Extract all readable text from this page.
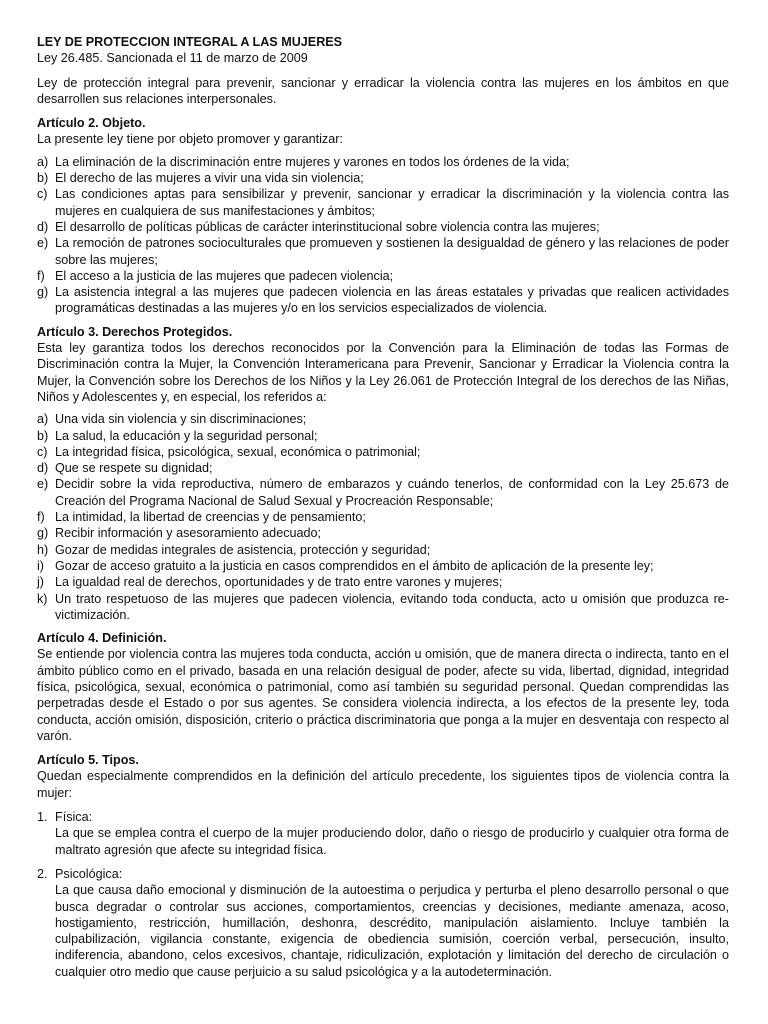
LEY DE PROTECCION INTEGRAL A LAS MUJERES
Ley 26.485. Sancionada el 11 de marzo de 2009

Ley de protección integral para prevenir, sancionar y erradicar la violencia contra las mujeres en los ámbitos en que desarrollen sus relaciones interpersonales.

Artículo 2. Objeto.
La presente ley tiene por objeto promover y garantizar:
a) La eliminación de la discriminación entre mujeres y varones en todos los órdenes de la vida;
b) El derecho de las mujeres a vivir una vida sin violencia;
c) Las condiciones aptas para sensibilizar y prevenir, sancionar y erradicar la discriminación y la violencia contra las mujeres en cualquiera de sus manifestaciones y ámbitos;
d) El desarrollo de políticas públicas de carácter interinstitucional sobre violencia contra las mujeres;
e) La remoción de patrones socioculturales que promueven y sostienen la desigualdad de género y las relaciones de poder sobre las mujeres;
f) El acceso a la justicia de las mujeres que padecen violencia;
g) La asistencia integral a las mujeres que padecen violencia en las áreas estatales y privadas que realicen actividades programáticas destinadas a las mujeres y/o en los servicios especializados de violencia.
Artículo 3. Derechos Protegidos.
Esta ley garantiza todos los derechos reconocidos por la Convención para la Eliminación de todas las Formas de Discriminación contra la Mujer, la Convención Interamericana para Prevenir, Sancionar y Erradicar la Violencia contra la Mujer, la Convención sobre los Derechos de los Niños y la Ley 26.061 de Protección Integral de los derechos de las Niñas, Niños y Adolescentes y, en especial, los referidos a:
a) Una vida sin violencia y sin discriminaciones;
b) La salud, la educación y la seguridad personal;
c) La integridad física, psicológica, sexual, económica o patrimonial;
d) Que se respete su dignidad;
e) Decidir sobre la vida reproductiva, número de embarazos y cuándo tenerlos, de conformidad con la Ley 25.673 de Creación del Programa Nacional de Salud Sexual y Procreación Responsable;
f) La intimidad, la libertad de creencias y de pensamiento;
g) Recibir información y asesoramiento adecuado;
h) Gozar de medidas integrales de asistencia, protección y seguridad;
i) Gozar de acceso gratuito a la justicia en casos comprendidos en el ámbito de aplicación de la presente ley;
j) La igualdad real de derechos, oportunidades y de trato entre varones y mujeres;
k) Un trato respetuoso de las mujeres que padecen violencia, evitando toda conducta, acto u omisión que produzca re-victimización.
Artículo 4. Definición.

Se entiende por violencia contra las mujeres toda conducta, acción u omisión, que de manera directa o indirecta, tanto en el ámbito público como en el privado, basada en una relación desigual de poder, afecte su vida, libertad, dignidad, integridad física, psicológica, sexual, económica o patrimonial, como así también su seguridad personal. Quedan comprendidas las perpetradas desde el Estado o por sus agentes. Se considera violencia indirecta, a los efectos de la presente ley, toda conducta, acción omisión, disposición, criterio o práctica discriminatoria que ponga a la mujer en desventaja con respecto al varón.

Artículo 5. Tipos.

Quedan especialmente comprendidos en la definición del artículo precedente, los siguientes tipos de violencia contra la mujer:

1. Física:
La que se emplea contra el cuerpo de la mujer produciendo dolor, daño o riesgo de producirlo y cualquier otra forma de maltrato agresión que afecte su integridad física.
2. Psicológica:
La que causa daño emocional y disminución de la autoestima o perjudica y perturba el pleno desarrollo personal o que busca degradar o controlar sus acciones, comportamientos, creencias y decisiones, mediante amenaza, acoso, hostigamiento, restricción, humillación, deshonra, descrédito, manipulación aislamiento. Incluye también la culpabilización, vigilancia constante, exigencia de obediencia sumisión, coerción verbal, persecución, insulto, indiferencia, abandono, celos excesivos, chantaje, ridiculización, explotación y limitación del derecho de circulación o cualquier otro medio que cause perjuicio a su salud psicológica y a la autodeterminación.
